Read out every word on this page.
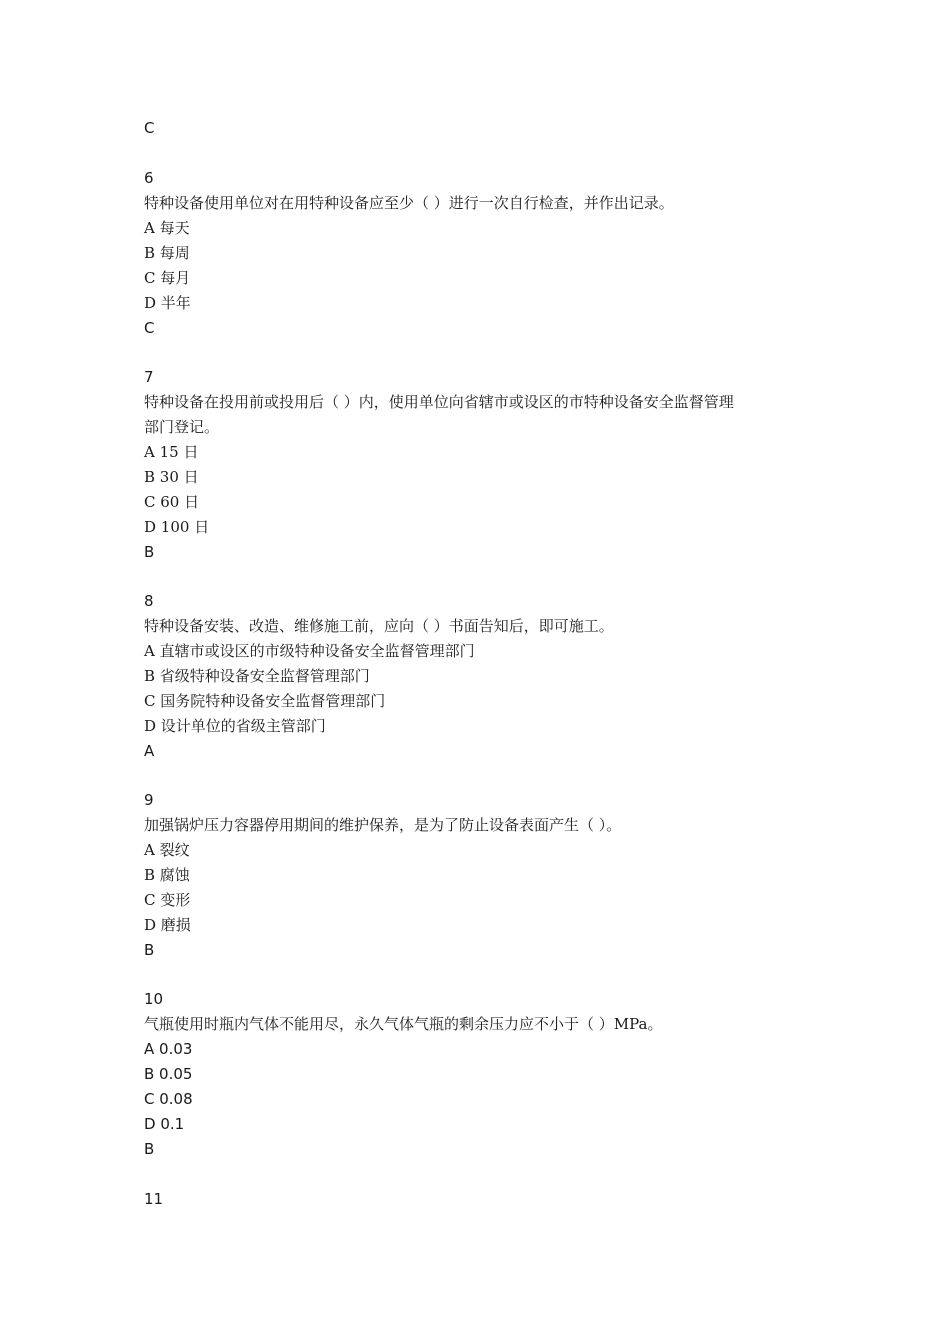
C
6
特种设备使用单位对在用特种设备应至少（ ）进行一次自行检查，并作出记录。
A 每天
B 每周
C 每月
D 半年
C
7
特种设备在投用前或投用后（ ）内，使用单位向省辖市或设区的市特种设备安全监督管理
部门登记。
A 15 日
B 30 日
C 60 日
D 100 日
B
8
特种设备安装、改造、维修施工前，应向（ ）书面告知后，即可施工。
A 直辖市或设区的市级特种设备安全监督管理部门
B 省级特种设备安全监督管理部门
C 国务院特种设备安全监督管理部门
D 设计单位的省级主管部门
A
9
加强锅炉压力容器停用期间的维护保养，是为了防止设备表面产生（ ）。
A 裂纹
B 腐蚀
C 变形
D 磨损
B
10
气瓶使用时瓶内气体不能用尽，永久气体气瓶的剩余压力应不小于（ ）MPa。
A 0.03
B 0.05
C 0.08
D 0.1
B
11
